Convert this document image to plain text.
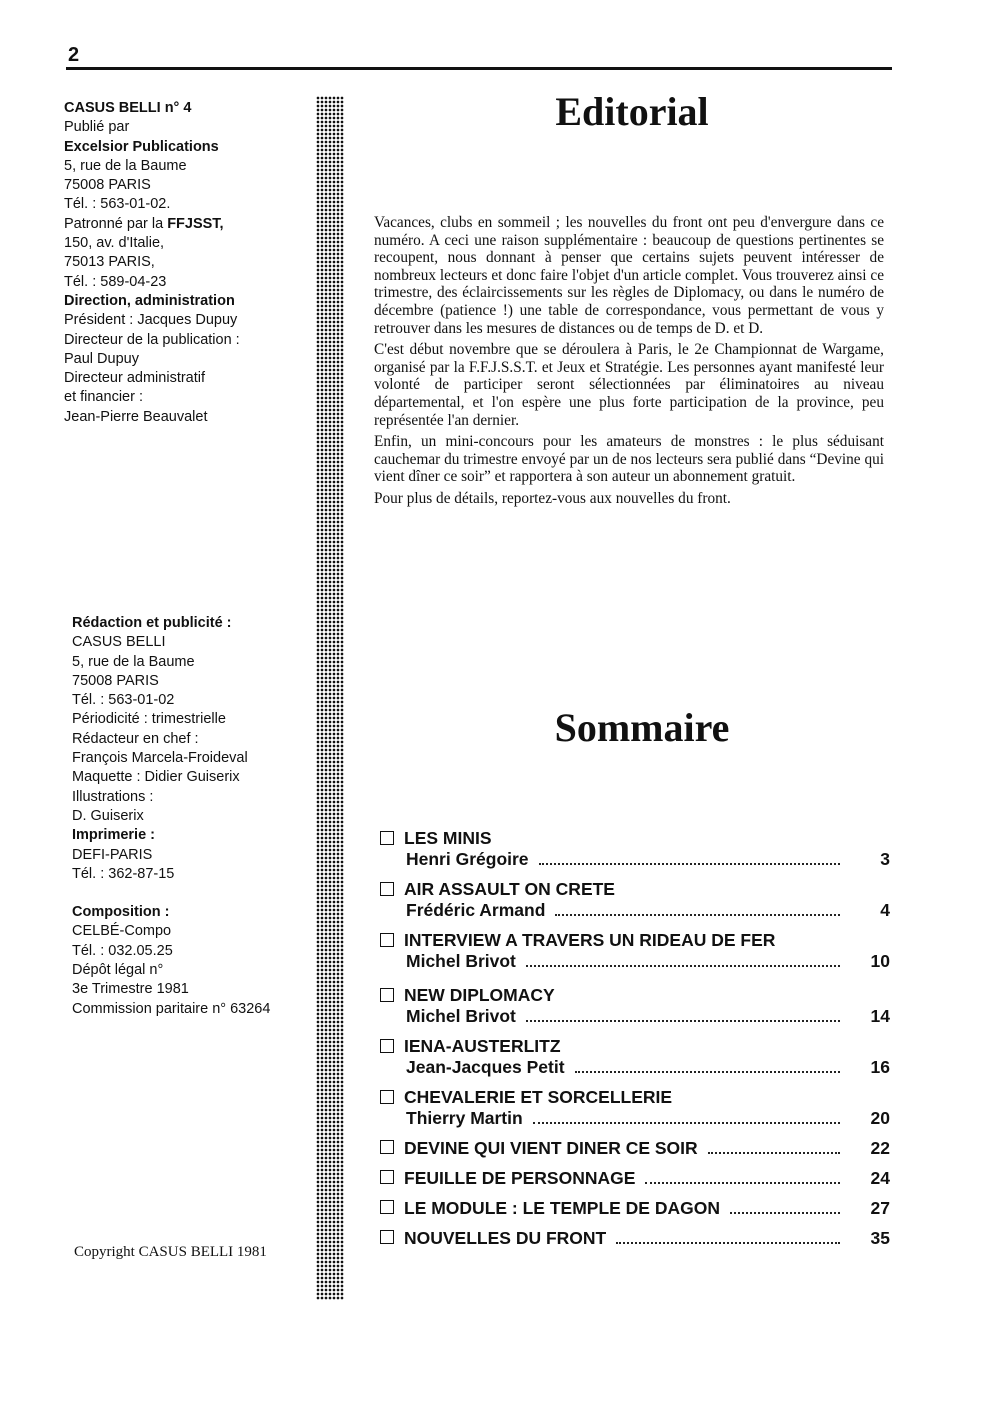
2
CASUS BELLI n° 4
Publié par
Excelsior Publications
5, rue de la Baume
75008 PARIS
Tél. : 563-01-02.
Patronné par la FFJSST,
150, av. d'Italie,
75013 PARIS,
Tél. : 589-04-23
Direction, administration
Président : Jacques Dupuy
Directeur de la publication :
Paul Dupuy
Directeur administratif
et financier :
Jean-Pierre Beauvalet
Rédaction et publicité :
CASUS BELLI
5, rue de la Baume
75008 PARIS
Tél. : 563-01-02
Périodicité : trimestrielle
Rédacteur en chef :
François Marcela-Froideval
Maquette : Didier Guiserix
Illustrations :
D. Guiserix
Imprimerie :
DEFI-PARIS
Tél. : 362-87-15
Composition :
CELBÉ-Compo
Tél. : 032.05.25
Dépôt légal n°
3e Trimestre 1981
Commission paritaire n° 63264
Copyright CASUS BELLI 1981
Editorial

Vacances, clubs en sommeil ; les nouvelles du front ont peu d'envergure dans ce numéro. A ceci une raison supplémentaire : beaucoup de questions pertinentes se recoupent, nous donnant à penser que certains sujets peuvent intéresser de nombreux lecteurs et donc faire l'objet d'un article complet. Vous trouverez ainsi ce trimestre, des éclaircissements sur les règles de Diplomacy, ou dans le numéro de décembre (patience !) une table de correspondance, vous permettant de vous y retrouver dans les mesures de distances ou de temps de D. et D.

C'est début novembre que se déroulera à Paris, le 2e Championnat de Wargame, organisé par la F.F.J.S.S.T. et Jeux et Stratégie. Les personnes ayant manifesté leur volonté de participer seront sélectionnées par éliminatoires au niveau départemental, et l'on espère une plus forte participation de la province, peu représentée l'an dernier.

Enfin, un mini-concours pour les amateurs de monstres : le plus séduisant cauchemar du trimestre envoyé par un de nos lecteurs sera publié dans “Devine qui vient dîner ce soir” et rapportera à son auteur un abonnement gratuit.

Pour plus de détails, reportez-vous aux nouvelles du front.

Sommaire
LES MINIS
Henri Grégoire	3
AIR ASSAULT ON CRETE
Frédéric Armand	4
INTERVIEW A TRAVERS UN RIDEAU DE FER
Michel Brivot	10
NEW DIPLOMACY
Michel Brivot	14
IENA-AUSTERLITZ
Jean-Jacques Petit	16
CHEVALERIE ET SORCELLERIE
Thierry Martin	20
DEVINE QUI VIENT DINER CE SOIR	22
FEUILLE DE PERSONNAGE	24
LE MODULE : LE TEMPLE DE DAGON	27
NOUVELLES DU FRONT	35
